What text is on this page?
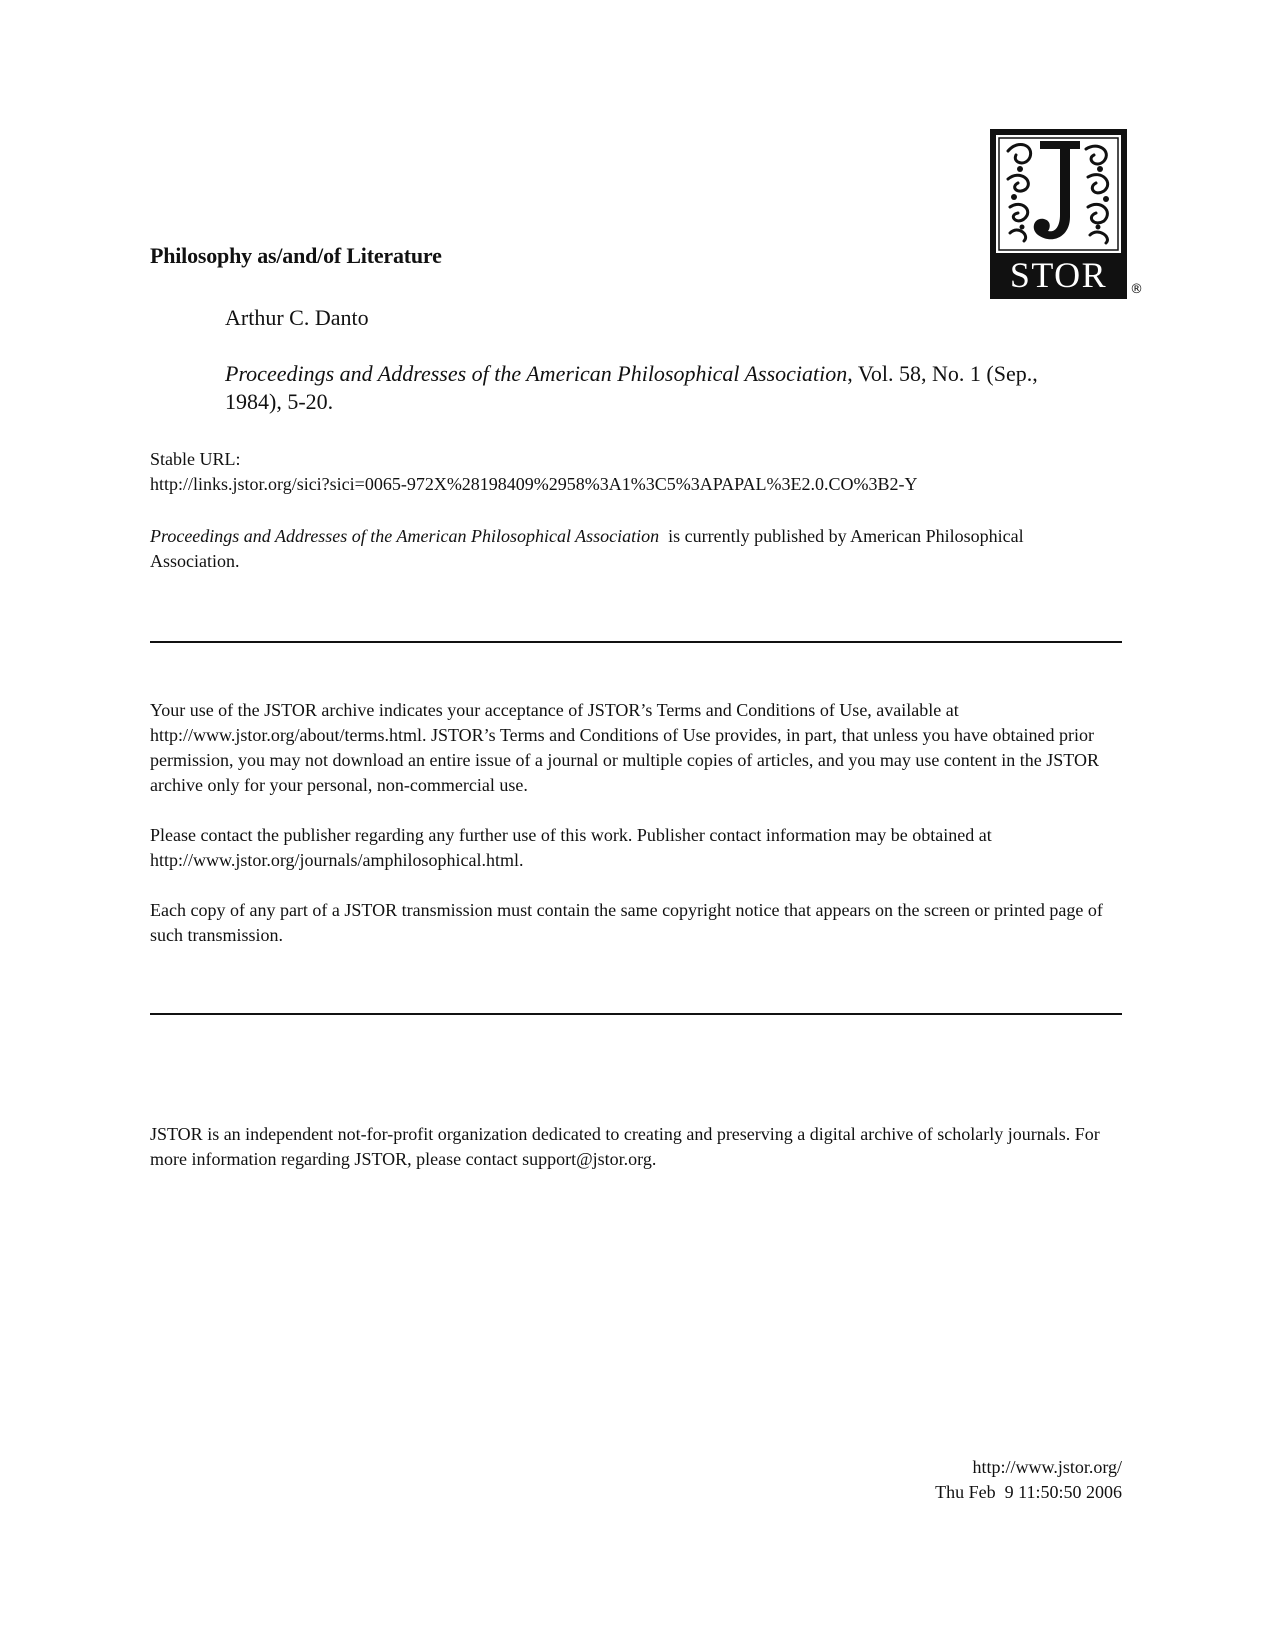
Philosophy as/and/of Literature
Arthur C. Danto
Proceedings and Addresses of the American Philosophical Association, Vol. 58, No. 1 (Sep., 1984), 5-20.
Stable URL:
http://links.jstor.org/sici?sici=0065-972X%28198409%2958%3A1%3C5%3APAPAL%3E2.0.CO%3B2-Y
Proceedings and Addresses of the American Philosophical Association  is currently published by American Philosophical Association.
Your use of the JSTOR archive indicates your acceptance of JSTOR’s Terms and Conditions of Use, available at http://www.jstor.org/about/terms.html. JSTOR’s Terms and Conditions of Use provides, in part, that unless you have obtained prior permission, you may not download an entire issue of a journal or multiple copies of articles, and you may use content in the JSTOR archive only for your personal, non-commercial use.
Please contact the publisher regarding any further use of this work. Publisher contact information may be obtained at http://www.jstor.org/journals/amphilosophical.html.
Each copy of any part of a JSTOR transmission must contain the same copyright notice that appears on the screen or printed page of such transmission.
JSTOR is an independent not-for-profit organization dedicated to creating and preserving a digital archive of scholarly journals. For more information regarding JSTOR, please contact support@jstor.org.
http://www.jstor.org/
Thu Feb  9 11:50:50 2006
STOR ®
